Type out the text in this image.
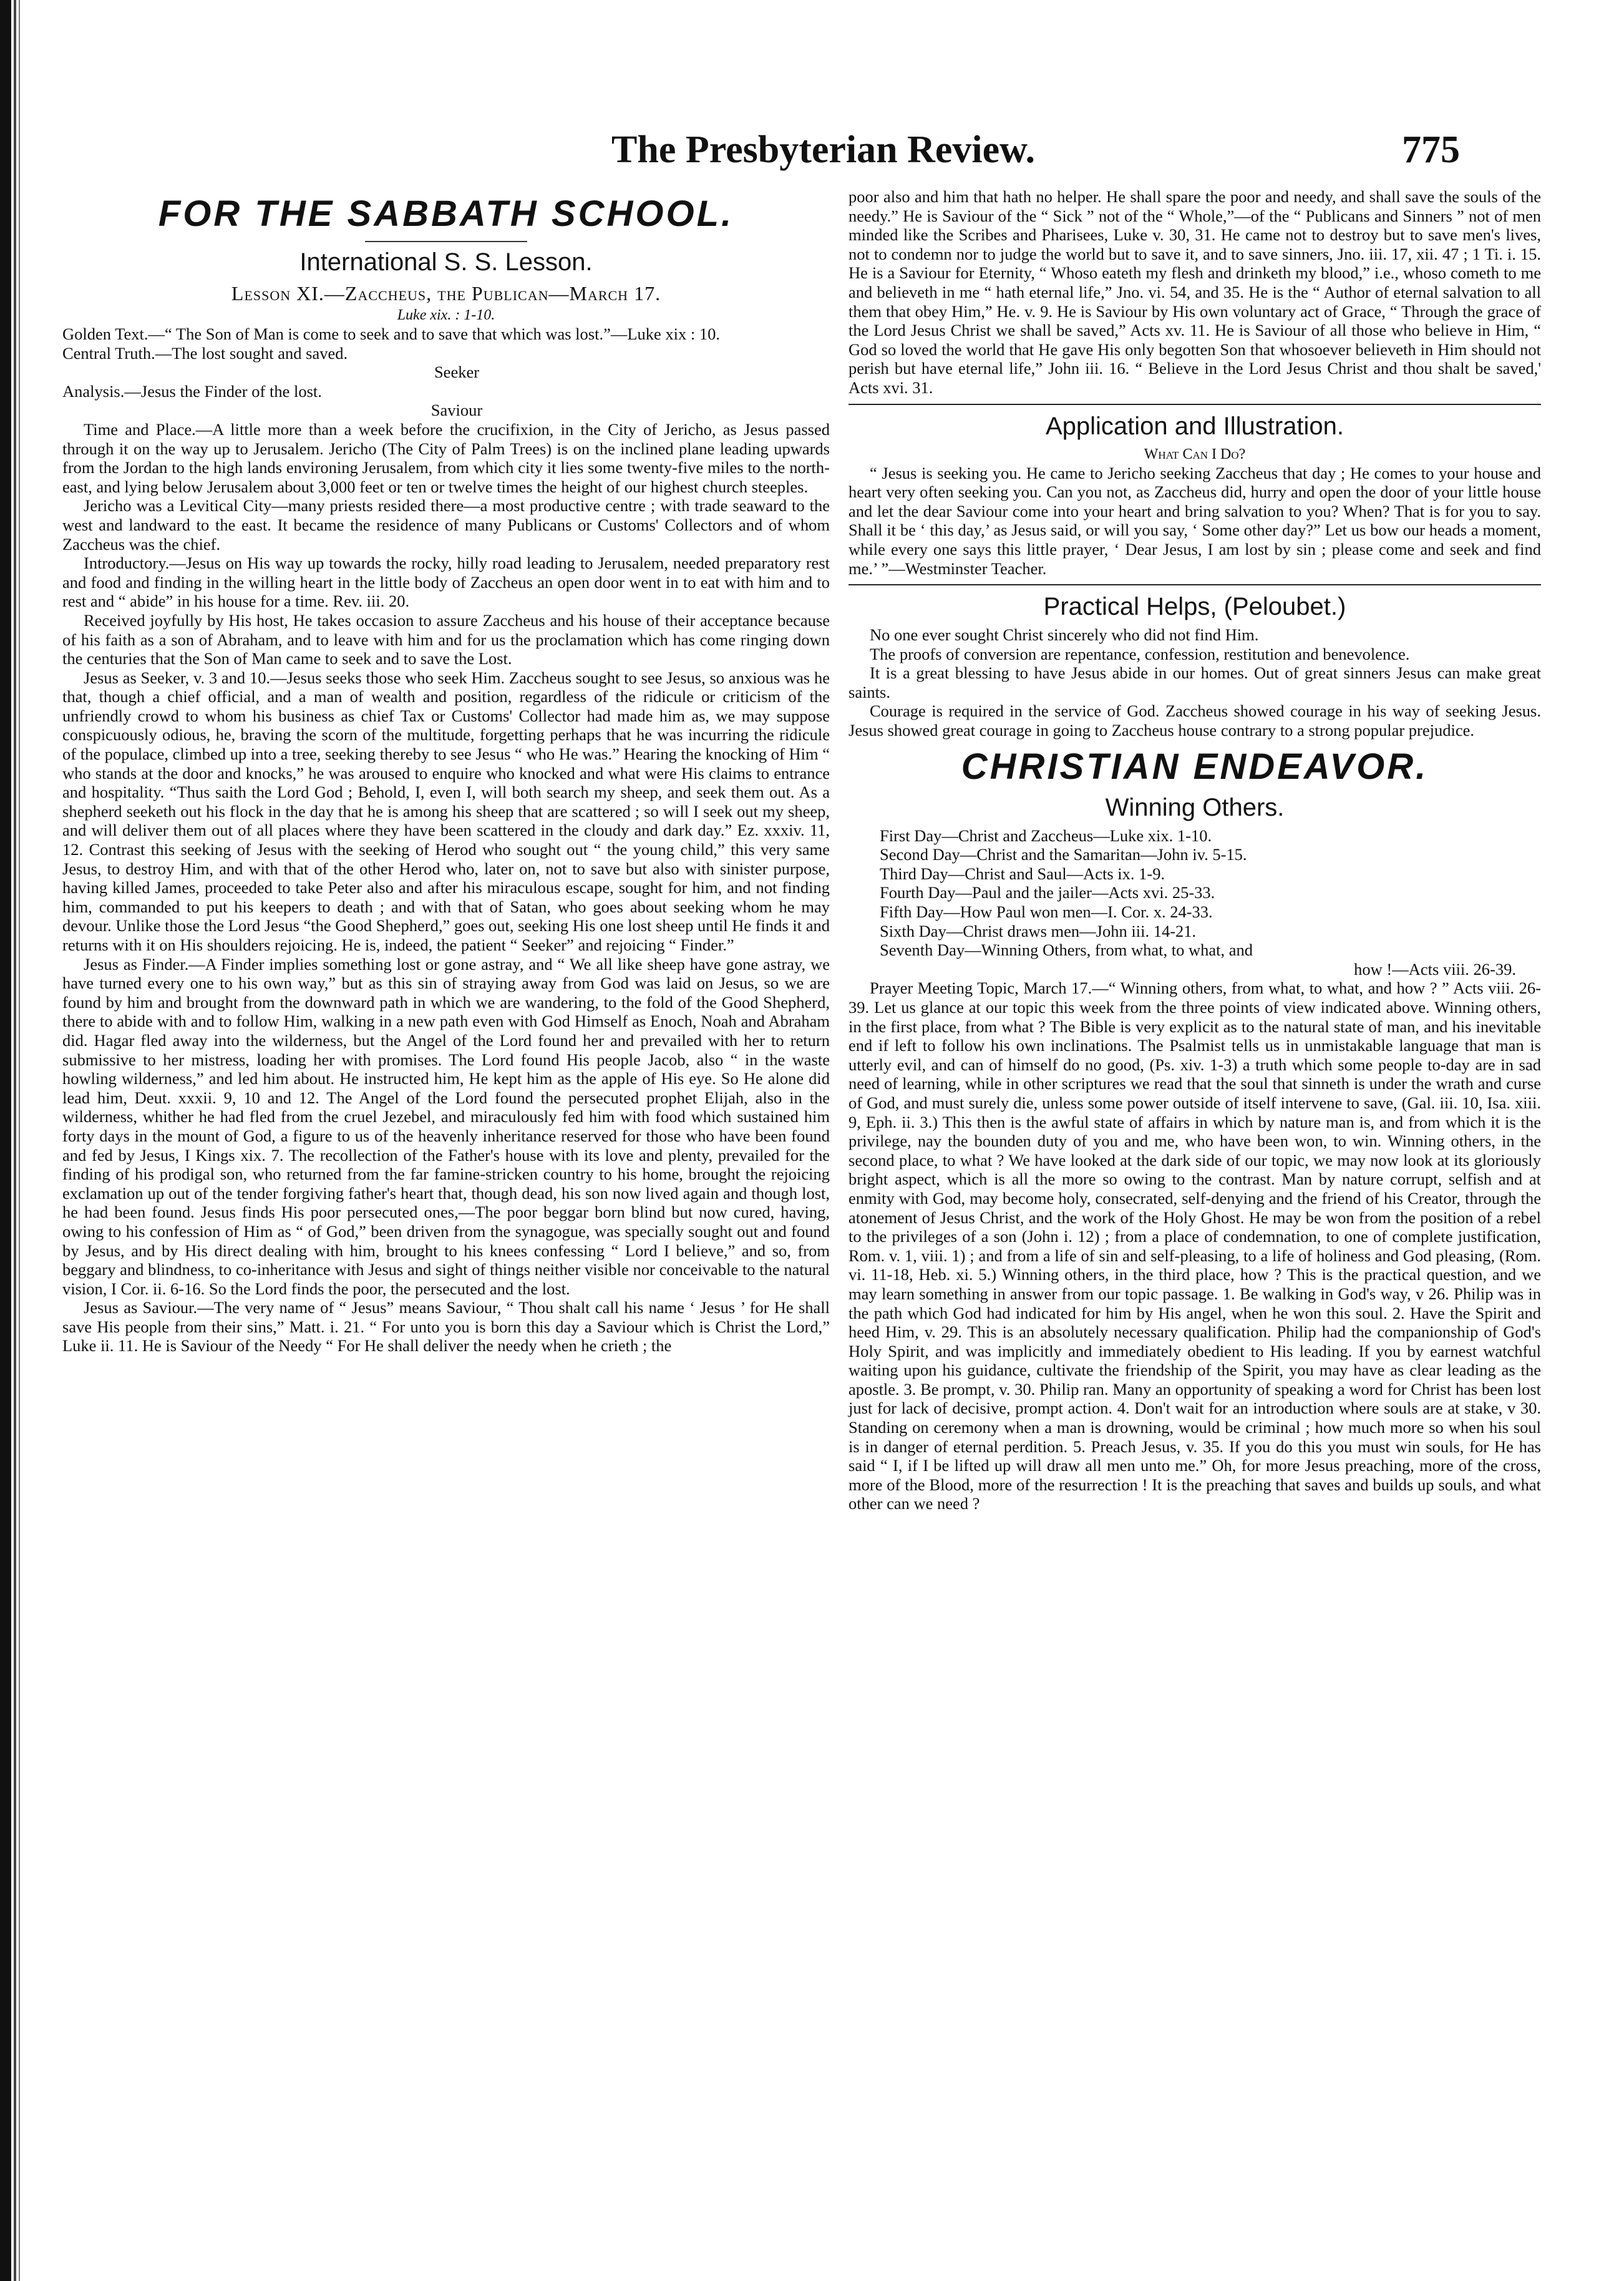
The Presbyterian Review.	775
FOR THE SABBATH SCHOOL.
International S. S. Lesson.
Lesson XI.—Zaccheus, the Publican—March 17.
Luke xix. : 1-10.

Golden Text.—“ The Son of Man is come to seek and to save that which was lost.”—Luke xix : 10.

Central Truth.—The lost sought and saved.

Seeker

Analysis.—Jesus the Finder of the lost.

Saviour

Time and Place.—A little more than a week before the crucifixion, in the City of Jericho, as Jesus passed through it on the way up to Jerusalem. Jericho (The City of Palm Trees) is on the inclined plane leading upwards from the Jordan to the high lands environing Jerusalem, from which city it lies some twenty-five miles to the north-east, and lying below Jerusalem about 3,000 feet or ten or twelve times the height of our highest church steeples.

Jericho was a Levitical City—many priests resided there—a most productive centre ; with trade seaward to the west and landward to the east. It became the residence of many Publicans or Customs' Collectors and of whom Zaccheus was the chief.

Introductory.—Jesus on His way up towards the rocky, hilly road leading to Jerusalem, needed preparatory rest and food and finding in the willing heart in the little body of Zaccheus an open door went in to eat with him and to rest and “ abide” in his house for a time. Rev. iii. 20.

Received joyfully by His host, He takes occasion to assure Zaccheus and his house of their acceptance because of his faith as a son of Abraham, and to leave with him and for us the proclamation which has come ringing down the centuries that the Son of Man came to seek and to save the Lost.

Jesus as Seeker, v. 3 and 10.—Jesus seeks those who seek Him. Zaccheus sought to see Jesus, so anxious was he that, though a chief official, and a man of wealth and position, regardless of the ridicule or criticism of the unfriendly crowd to whom his business as chief Tax or Customs' Collector had made him as, we may suppose conspicuously odious, he, braving the scorn of the multitude, forgetting perhaps that he was incurring the ridicule of the populace, climbed up into a tree, seeking thereby to see Jesus “ who He was.” Hearing the knocking of Him “ who stands at the door and knocks,” he was aroused to enquire who knocked and what were His claims to entrance and hospitality. “Thus saith the Lord God ; Behold, I, even I, will both search my sheep, and seek them out. As a shepherd seeketh out his flock in the day that he is among his sheep that are scattered ; so will I seek out my sheep, and will deliver them out of all places where they have been scattered in the cloudy and dark day.” Ez. xxxiv. 11, 12. Contrast this seeking of Jesus with the seeking of Herod who sought out “ the young child,” this very same Jesus, to destroy Him, and with that of the other Herod who, later on, not to save but also with sinister purpose, having killed James, proceeded to take Peter also and after his miraculous escape, sought for him, and not finding him, commanded to put his keepers to death ; and with that of Satan, who goes about seeking whom he may devour. Unlike those the Lord Jesus “the Good Shepherd,” goes out, seeking His one lost sheep until He finds it and returns with it on His shoulders rejoicing. He is, indeed, the patient “ Seeker” and rejoicing “ Finder.”

Jesus as Finder.—A Finder implies something lost or gone astray, and “ We all like sheep have gone astray, we have turned every one to his own way,” but as this sin of straying away from God was laid on Jesus, so we are found by him and brought from the downward path in which we are wandering, to the fold of the Good Shepherd, there to abide with and to follow Him, walking in a new path even with God Himself as Enoch, Noah and Abraham did. Hagar fled away into the wilderness, but the Angel of the Lord found her and prevailed with her to return submissive to her mistress, loading her with promises. The Lord found His people Jacob, also “ in the waste howling wilderness,” and led him about. He instructed him, He kept him as the apple of His eye. So He alone did lead him, Deut. xxxii. 9, 10 and 12. The Angel of the Lord found the persecuted prophet Elijah, also in the wilderness, whither he had fled from the cruel Jezebel, and miraculously fed him with food which sustained him forty days in the mount of God, a figure to us of the heavenly inheritance reserved for those who have been found and fed by Jesus, I Kings xix. 7. The recollection of the Father's house with its love and plenty, prevailed for the finding of his prodigal son, who returned from the far famine-stricken country to his home, brought the rejoicing exclamation up out of the tender forgiving father's heart that, though dead, his son now lived again and though lost, he had been found. Jesus finds His poor persecuted ones,—The poor beggar born blind but now cured, having, owing to his confession of Him as “ of God,” been driven from the synagogue, was specially sought out and found by Jesus, and by His direct dealing with him, brought to his knees confessing “ Lord I believe,” and so, from beggary and blindness, to co-inheritance with Jesus and sight of things neither visible nor conceivable to the natural vision, I Cor. ii. 6-16. So the Lord finds the poor, the persecuted and the lost.

Jesus as Saviour.—The very name of “ Jesus” means Saviour, “ Thou shalt call his name ‘ Jesus ’ for He shall save His people from their sins,” Matt. i. 21. “ For unto you is born this day a Saviour which is Christ the Lord,” Luke ii. 11. He is Saviour of the Needy “ For He shall deliver the needy when he crieth ; the

poor also and him that hath no helper. He shall spare the poor and needy, and shall save the souls of the needy.” He is Saviour of the “ Sick ” not of the “ Whole,”—of the “ Publicans and Sinners ” not of men minded like the Scribes and Pharisees, Luke v. 30, 31. He came not to destroy but to save men's lives, not to condemn nor to judge the world but to save it, and to save sinners, Jno. iii. 17, xii. 47 ; 1 Ti. i. 15. He is a Saviour for Eternity, “ Whoso eateth my flesh and drinketh my blood,” i.e., whoso cometh to me and believeth in me “ hath eternal life,” Jno. vi. 54, and 35. He is the “ Author of eternal salvation to all them that obey Him,” He. v. 9. He is Saviour by His own voluntary act of Grace, “ Through the grace of the Lord Jesus Christ we shall be saved,” Acts xv. 11. He is Saviour of all those who believe in Him, “ God so loved the world that He gave His only begotten Son that whosoever believeth in Him should not perish but have eternal life,” John iii. 16. “ Believe in the Lord Jesus Christ and thou shalt be saved,' Acts xvi. 31.

Application and Illustration.
What Can I Do?

“ Jesus is seeking you. He came to Jericho seeking Zaccheus that day ; He comes to your house and heart very often seeking you. Can you not, as Zaccheus did, hurry and open the door of your little house and let the dear Saviour come into your heart and bring salvation to you? When? That is for you to say. Shall it be ‘ this day,’ as Jesus said, or will you say, ‘ Some other day?” Let us bow our heads a moment, while every one says this little prayer, ‘ Dear Jesus, I am lost by sin ; please come and seek and find me.’ ”—Westminster Teacher.

Practical Helps, (Peloubet.)

No one ever sought Christ sincerely who did not find Him.

The proofs of conversion are repentance, confession, restitution and benevolence.

It is a great blessing to have Jesus abide in our homes. Out of great sinners Jesus can make great saints.

Courage is required in the service of God. Zaccheus showed courage in his way of seeking Jesus. Jesus showed great courage in going to Zaccheus house contrary to a strong popular prejudice.

CHRISTIAN ENDEAVOR.
Winning Others.

First Day—Christ and Zaccheus—Luke xix. 1-10.

Second Day—Christ and the Samaritan—John iv. 5-15.

Third Day—Christ and Saul—Acts ix. 1-9.

Fourth Day—Paul and the jailer—Acts xvi. 25-33.

Fifth Day—How Paul won men—I. Cor. x. 24-33.

Sixth Day—Christ draws men—John iii. 14-21.

Seventh Day—Winning Others, from what, to what, and

how !—Acts viii. 26-39.

Prayer Meeting Topic, March 17.—“ Winning others, from what, to what, and how ? ” Acts viii. 26-39. Let us glance at our topic this week from the three points of view indicated above. Winning others, in the first place, from what ? The Bible is very explicit as to the natural state of man, and his inevitable end if left to follow his own inclinations. The Psalmist tells us in unmistakable language that man is utterly evil, and can of himself do no good, (Ps. xiv. 1-3) a truth which some people to-day are in sad need of learning, while in other scriptures we read that the soul that sinneth is under the wrath and curse of God, and must surely die, unless some power outside of itself intervene to save, (Gal. iii. 10, Isa. xiii. 9, Eph. ii. 3.) This then is the awful state of affairs in which by nature man is, and from which it is the privilege, nay the bounden duty of you and me, who have been won, to win. Winning others, in the second place, to what ? We have looked at the dark side of our topic, we may now look at its gloriously bright aspect, which is all the more so owing to the contrast. Man by nature corrupt, selfish and at enmity with God, may become holy, consecrated, self-denying and the friend of his Creator, through the atonement of Jesus Christ, and the work of the Holy Ghost. He may be won from the position of a rebel to the privileges of a son (John i. 12) ; from a place of condemnation, to one of complete justification, Rom. v. 1, viii. 1) ; and from a life of sin and self-pleasing, to a life of holiness and God pleasing, (Rom. vi. 11-18, Heb. xi. 5.) Winning others, in the third place, how ? This is the practical question, and we may learn something in answer from our topic passage. 1. Be walking in God's way, v 26. Philip was in the path which God had indicated for him by His angel, when he won this soul. 2. Have the Spirit and heed Him, v. 29. This is an absolutely necessary qualification. Philip had the companionship of God's Holy Spirit, and was implicitly and immediately obedient to His leading. If you by earnest watchful waiting upon his guidance, cultivate the friendship of the Spirit, you may have as clear leading as the apostle. 3. Be prompt, v. 30. Philip ran. Many an opportunity of speaking a word for Christ has been lost just for lack of decisive, prompt action. 4. Don't wait for an introduction where souls are at stake, v 30. Standing on ceremony when a man is drowning, would be criminal ; how much more so when his soul is in danger of eternal perdition. 5. Preach Jesus, v. 35. If you do this you must win souls, for He has said “ I, if I be lifted up will draw all men unto me.” Oh, for more Jesus preaching, more of the cross, more of the Blood, more of the resurrection ! It is the preaching that saves and builds up souls, and what other can we need ?
